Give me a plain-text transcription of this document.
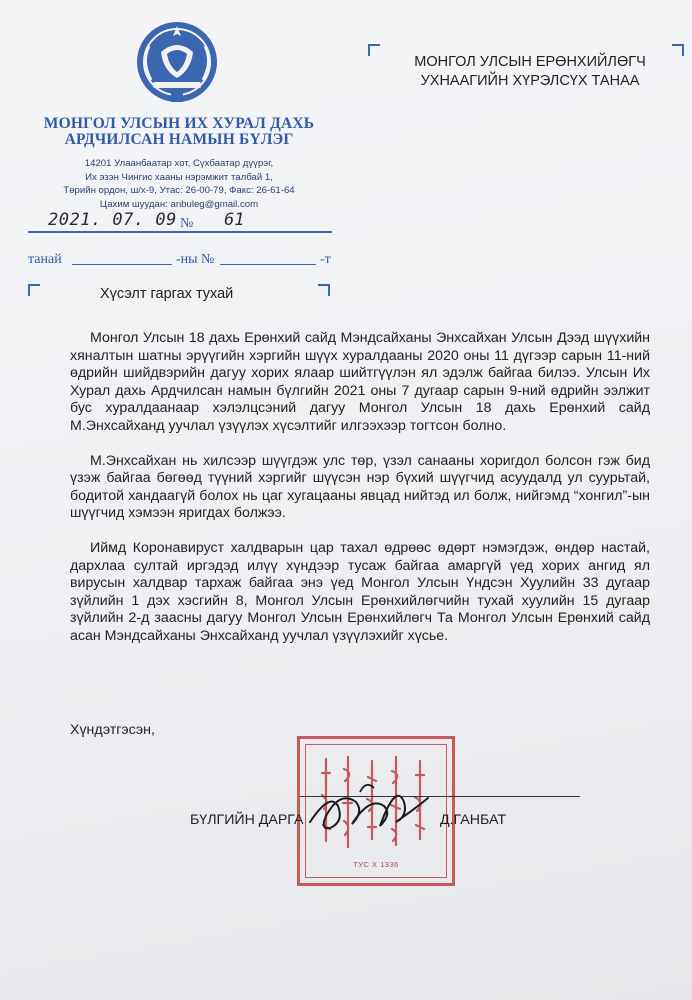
МОНГОЛ УЛСЫН ИХ ХУРАЛ ДАХЬ
АРДЧИЛСАН НАМЫН БҮЛЭГ
14201 Улаанбаатар хот, Сүхбаатар дүүрэг,
Их эзэн Чингис хааны нэрэмжит талбай 1,
Төрийн ордон, ш/х-9, Утас: 26-00-79, Факс: 26-61-64
Цахим шуудан: anbuleg@gmail.com
2021. 07. 09 № 61
танай	-ны №	-т
МОНГОЛ УЛСЫН ЕРӨНХИЙЛӨГЧ
УХНААГИЙН ХҮРЭЛСҮХ ТАНАА
Хүсэлт гаргах тухай

Монгол Улсын 18 дахь Ерөнхий сайд Мэндсайханы Энхсайхан Улсын Дээд шүүхийн хяналтын шатны эрүүгийн хэргийн шүүх хуралдааны 2020 оны 11 дүгээр сарын 11-ний өдрийн шийдвэрийн дагуу хорих ялаар шийтгүүлэн ял эдэлж байгаа билээ. Улсын Их Хурал дахь Ардчилсан намын бүлгийн 2021 оны 7 дугаар сарын 9-ний өдрийн ээлжит бус хуралдаанаар хэлэлцсэний дагуу Монгол Улсын 18 дахь Ерөнхий сайд М.Энхсайханд уучлал үзүүлэх хүсэлтийг илгээхээр тогтсон болно.

М.Энхсайхан нь хилсээр шүүгдэж улс төр, үзэл санааны хоригдол болсон гэж бид үзэж байгаа бөгөөд түүний хэргийг шүүсэн нэр бүхий шүүгчид асуудалд ул суурьтай, бодитой хандаагүй болох нь цаг хугацааны явцад нийтэд ил болж, нийгэмд “хонгил”-ын шүүгчид хэмээн яригдах болжээ.

Иймд Коронавируст халдварын цар тахал өдрөөс өдөрт нэмэгдэж, өндөр настай, дархлаа султай иргэдэд илүү хүндээр тусаж байгаа амаргүй үед хорих ангид ял вирусын халдвар тархаж байгаа энэ үед Монгол Улсын Үндсэн Хуулийн 33 дугаар зүйлийн 1 дэх хэсгийн 8, Монгол Улсын Ерөнхийлөгчийн тухай хуулийн 15 дугаар зүйлийн 2-д заасны дагуу Монгол Улсын Ерөнхийлөгч Та Монгол Улсын Ерөнхий сайд асан Мэндсайханы Энхсайханд уучлал үзүүлэхийг хүсье.

Хүндэтгэсэн,
ТУС Х 1336
БҮЛГИЙН ДАРГА	Д.ГАНБАТ
